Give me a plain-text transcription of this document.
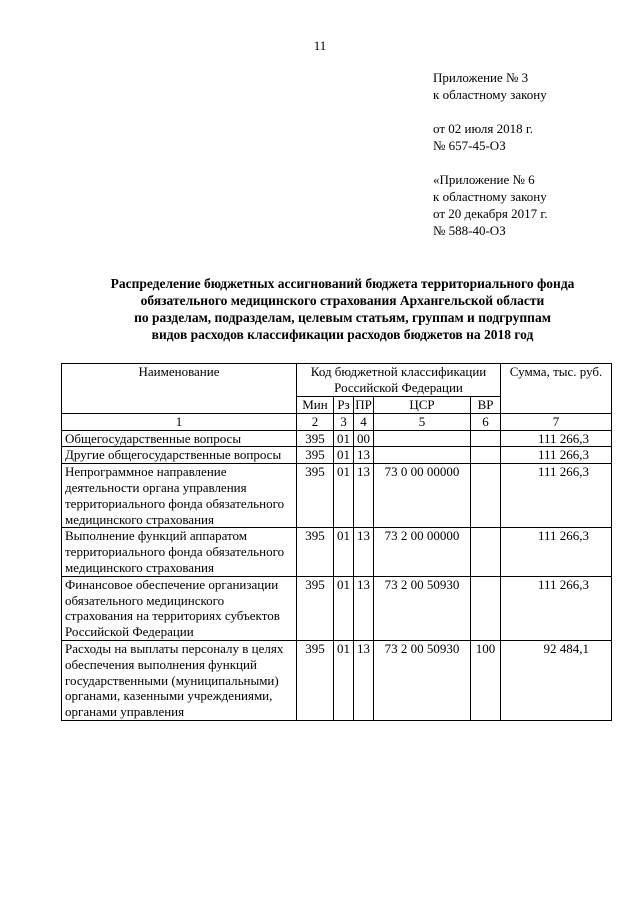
11
Приложение № 3
к областному закону
от 02 июля 2018 г.
№ 657-45-ОЗ
«Приложение № 6
к областному закону
от 20 декабря 2017 г.
№ 588-40-ОЗ
Распределение бюджетных ассигнований бюджета территориального фонда
обязательного медицинского страхования Архангельской области
по разделам, подразделам, целевым статьям, группам и подгруппам
видов расходов классификации расходов бюджетов на 2018 год
Наименование	Код бюджетной классификации Российской Федерации					Сумма, тыс. руб.
	Мин	Рз	ПР	ЦСР	ВР	
1	2	3	4	5	6	7
Общегосударственные вопросы	395	01	00			111 266,3
Другие общегосударственные вопросы	395	01	13			111 266,3
Непрограммное направление деятельности органа управления территориального фонда обязательного медицинского страхования	395	01	13	73 0 00 00000		111 266,3
Выполнение функций аппаратом территориального фонда обязательного медицинского страхования	395	01	13	73 2 00 00000		111 266,3
Финансовое обеспечение организации обязательного медицинского страхования на территориях субъектов Российской Федерации	395	01	13	73 2 00 50930		111 266,3
Расходы на выплаты персоналу в целях обеспечения выполнения функций государственными (муниципальными) органами, казенными учреждениями, органами управления	395	01	13	73 2 00 50930	100	92 484,1
